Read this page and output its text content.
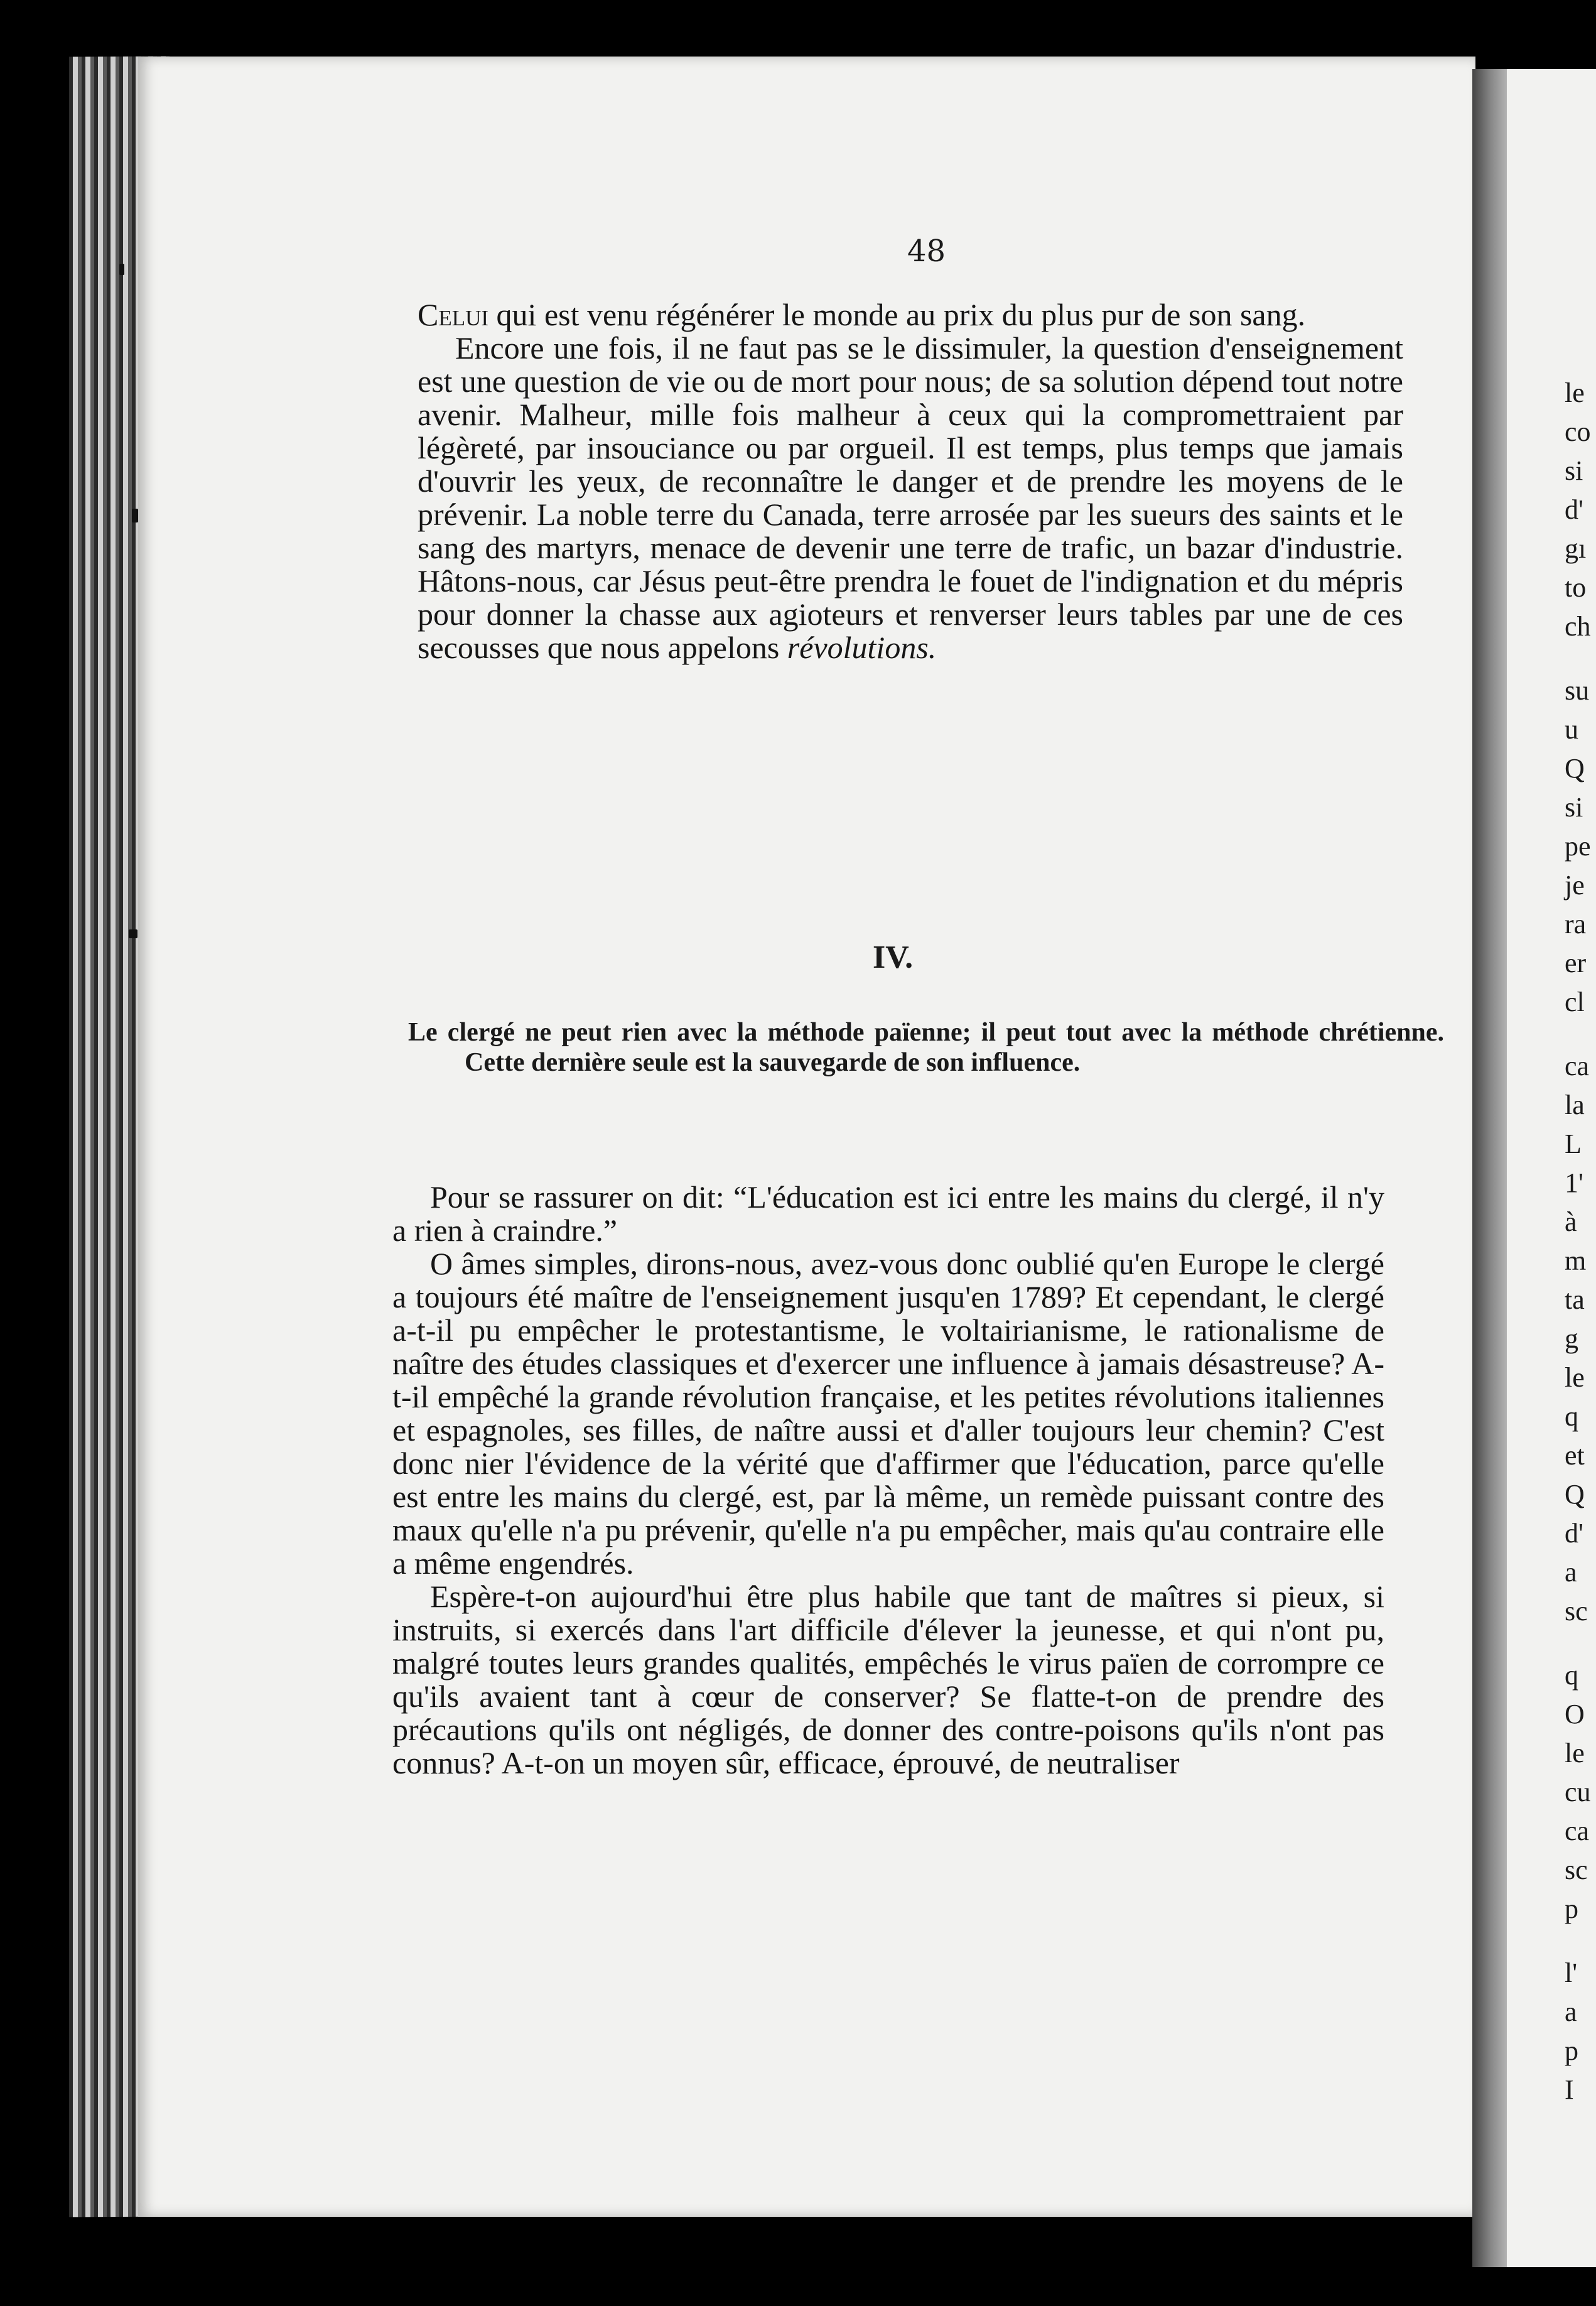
le
co
si
d'
gı
to
ch
su
u
Q
si
pe
je
ra
er
cl
ca
la
L
1'
à
m
ta
g
le
q
et
Q
d'
a
sc
q
O
le
cu
ca
sc
p
l'
a
p
I
48

Celui qui est venu régénérer le monde au prix du plus pur de son sang.

Encore une fois, il ne faut pas se le dissimuler, la question d'enseignement est une question de vie ou de mort pour nous; de sa solution dépend tout notre avenir. Malheur, mille fois malheur à ceux qui la compromettraient par légèreté, par insouciance ou par orgueil. Il est temps, plus temps que jamais d'ouvrir les yeux, de reconnaître le danger et de prendre les moyens de le prévenir. La noble terre du Canada, terre arrosée par les sueurs des saints et le sang des martyrs, menace de devenir une terre de trafic, un bazar d'industrie. Hâtons-nous, car Jésus peut-être prendra le fouet de l'indignation et du mépris pour donner la chasse aux agioteurs et renverser leurs tables par une de ces secousses que nous appelons révolutions.

IV.
Le clergé ne peut rien avec la méthode païenne; il peut tout avec la méthode chrétienne. Cette dernière seule est la sauvegarde de son influence.

Pour se rassurer on dit: “L'éducation est ici entre les mains du clergé, il n'y a rien à craindre.”

O âmes simples, dirons-nous, avez-vous donc oublié qu'en Europe le clergé a toujours été maître de l'enseignement jusqu'en 1789? Et cependant, le clergé a-t-il pu empêcher le protestantisme, le voltairianisme, le rationalisme de naître des études classiques et d'exercer une influence à jamais désastreuse? A-t-il empêché la grande révolution française, et les petites révolutions italiennes et espagnoles, ses filles, de naître aussi et d'aller toujours leur chemin? C'est donc nier l'évidence de la vérité que d'affirmer que l'éducation, parce qu'elle est entre les mains du clergé, est, par là même, un remède puissant contre des maux qu'elle n'a pu prévenir, qu'elle n'a pu empêcher, mais qu'au contraire elle a même engendrés.

Espère-t-on aujourd'hui être plus habile que tant de maîtres si pieux, si instruits, si exercés dans l'art difficile d'élever la jeunesse, et qui n'ont pu, malgré toutes leurs grandes qualités, empêchés le virus païen de corrompre ce qu'ils avaient tant à cœur de conserver? Se flatte-t-on de prendre des précautions qu'ils ont négligés, de donner des contre-poisons qu'ils n'ont pas connus? A-t-on un moyen sûr, efficace, éprouvé, de neutraliser
